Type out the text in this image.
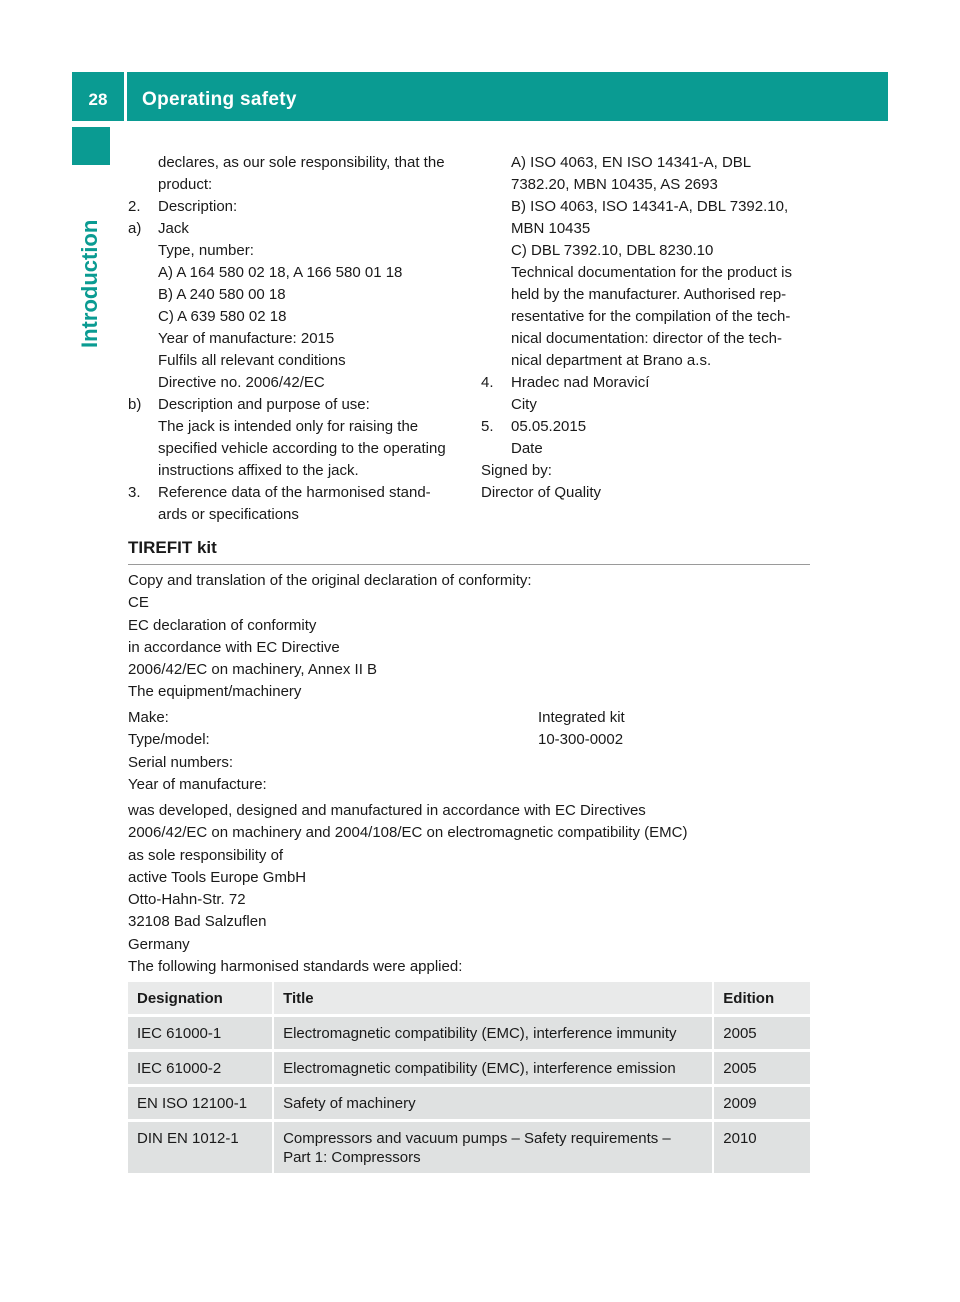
28	Operating safety
Introduction
declares, as our sole responsibility, that the
product:
2. Description:
a) Jack
Type, number:
A) A 164 580 02 18, A 166 580 01 18
B) A 240 580 00 18
C) A 639 580 02 18
Year of manufacture: 2015
Fulfils all relevant conditions
Directive no. 2006/42/EC
b) Description and purpose of use:
The jack is intended only for raising the
specified vehicle according to the operating
instructions affixed to the jack.
3. Reference data of the harmonised stand-
ards or specifications
A) ISO 4063, EN ISO 14341-A, DBL
7382.20, MBN 10435, AS 2693
B) ISO 4063, ISO 14341-A, DBL 7392.10,
MBN 10435
C) DBL 7392.10, DBL 8230.10
Technical documentation for the product is
held by the manufacturer. Authorised rep-
resentative for the compilation of the tech-
nical documentation: director of the tech-
nical department at Brano a.s.
4. Hradec nad Moravicí
City
5. 05.05.2015
Date
Signed by:
Director of Quality
TIREFIT kit
Copy and translation of the original declaration of conformity:
CE
EC declaration of conformity
in accordance with EC Directive
2006/42/EC on machinery, Annex II B
The equipment/machinery
Make:	Integrated kit
Type/model:	10-300-0002
Serial numbers:
Year of manufacture:
was developed, designed and manufactured in accordance with EC Directives
2006/42/EC on machinery and 2004/108/EC on electromagnetic compatibility (EMC)
as sole responsibility of
active Tools Europe GmbH
Otto-Hahn-Str. 72
32108 Bad Salzuflen
Germany
The following harmonised standards were applied:
Designation	Title	Edition
IEC 61000-1	Electromagnetic compatibility (EMC), interference immunity	2005
IEC 61000-2	Electromagnetic compatibility (EMC), interference emission	2005
EN ISO 12100-1	Safety of machinery	2009
DIN EN 1012-1	Compressors and vacuum pumps – Safety requirements –
Part 1: Compressors	2010
